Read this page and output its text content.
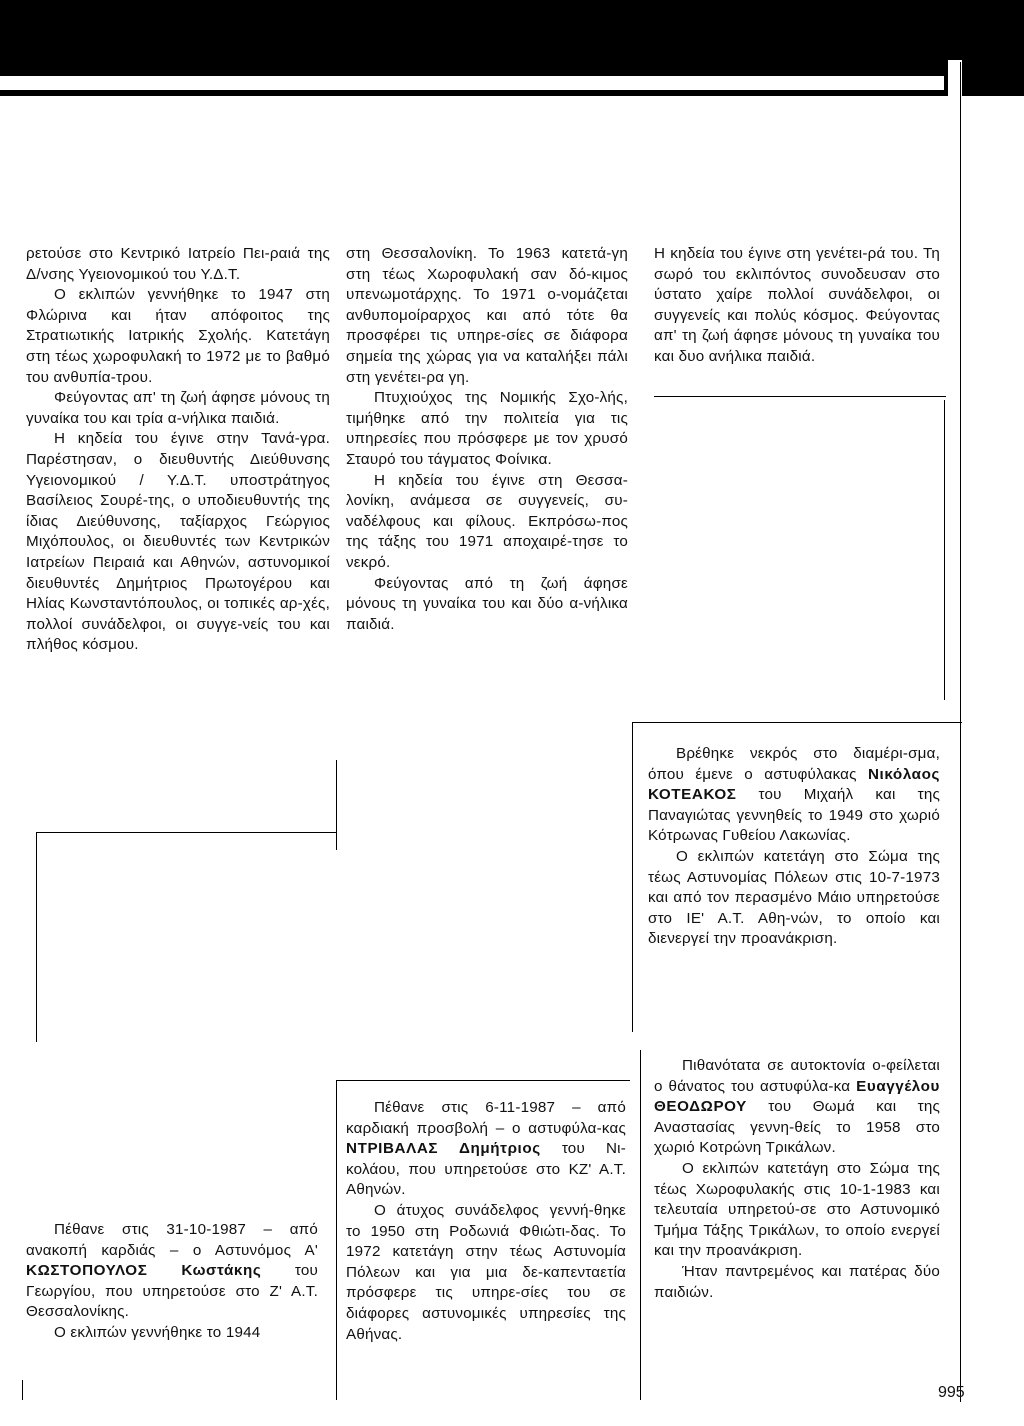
ρετούσε στο Κεντρικό Ιατρείο Πει-ραιά της Δ/νσης Υγειονομικού του Υ.Δ.Τ.

Ο εκλιπών γεννήθηκε το 1947 στη Φλώρινα και ήταν απόφοιτος της Στρατιωτικής Ιατρικής Σχολής. Κατετάγη στη τέως χωροφυλακή το 1972 με το βαθμό του ανθυπία-τρου.

Φεύγοντας απ' τη ζωή άφησε μόνους τη γυναίκα του και τρία α-νήλικα παιδιά.

Η κηδεία του έγινε στην Τανά-γρα. Παρέστησαν, ο διευθυντής Διεύθυνσης Υγειονομικού / Υ.Δ.Τ. υποστράτηγος Βασίλειος Σουρέ-της, ο υποδιευθυντής της ίδιας Διεύθυνσης, ταξίαρχος Γεώργιος Μιχόπουλος, οι διευθυντές των Κεντρικών Ιατρείων Πειραιά και Αθηνών, αστυνομικοί διευθυντές Δημήτριος Πρωτογέρου και Ηλίας Κωνσταντόπουλος, οι τοπικές αρ-χές, πολλοί συνάδελφοι, οι συγγε-νείς του και πλήθος κόσμου.

στη Θεσσαλονίκη. Το 1963 κατετά-γη στη τέως Χωροφυλακή σαν δό-κιμος υπενωμοτάρχης. Το 1971 ο-νομάζεται ανθυπομοίραρχος και από τότε θα προσφέρει τις υπηρε-σίες σε διάφορα σημεία της χώρας για να καταλήξει πάλι στη γενέτει-ρα γη.

Πτυχιούχος της Νομικής Σχο-λής, τιμήθηκε από την πολιτεία για τις υπηρεσίες που πρόσφερε με τον χρυσό Σταυρό του τάγματος Φοίνικα.

Η κηδεία του έγινε στη Θεσσα-λονίκη, ανάμεσα σε συγγενείς, συ-ναδέλφους και φίλους. Εκπρόσω-πος της τάξης του 1971 αποχαιρέ-τησε το νεκρό.

Φεύγοντας από τη ζωή άφησε μόνους τη γυναίκα του και δύο α-νήλικα παιδιά.

Η κηδεία του έγινε στη γενέτει-ρά του. Τη σωρό του εκλιπόντος συνοδευσαν στο ύστατο χαίρε πολλοί συνάδελφοι, οι συγγενείς και πολύς κόσμος. Φεύγοντας απ' τη ζωή άφησε μόνους τη γυναίκα του και δυο ανήλικα παιδιά.

Βρέθηκε νεκρός στο διαμέρι-σμα, όπου έμενε ο αστυφύλακας Νικόλαος ΚΟΤΕΑΚΟΣ του Μιχαήλ και της Παναγιώτας γεννηθείς το 1949 στο χωριό Κότρωνας Γυθείου Λακωνίας.

Ο εκλιπών κατετάγη στο Σώμα της τέως Αστυνομίας Πόλεων στις 10-7-1973 και από τον περασμένο Μάιο υπηρετούσε στο ΙΕ' Α.Τ. Αθη-νών, το οποίο και διενεργεί την προανάκριση.

Πέθανε στις 31-10-1987 – από ανακοπή καρδιάς – ο Αστυνόμος Α' ΚΩΣΤΟΠΟΥΛΟΣ Κωστάκης του Γεωργίου, που υπηρετούσε στο Ζ' Α.Τ. Θεσσαλονίκης.

Ο εκλιπών γεννήθηκε το 1944

Πέθανε στις 6-11-1987 – από καρδιακή προσβολή – ο αστυφύλα-κας ΝΤΡΙΒΑΛΑΣ Δημήτριος του Νι-κολάου, που υπηρετούσε στο ΚΖ' Α.Τ. Αθηνών.

Ο άτυχος συνάδελφος γεννή-θηκε το 1950 στη Ροδωνιά Φθιώτι-δας. Το 1972 κατετάγη στην τέως Αστυνομία Πόλεων και για μια δε-καπενταετία πρόσφερε τις υπηρε-σίες του σε διάφορες αστυνομικές υπηρεσίες της Αθήνας.

Πιθανότατα σε αυτοκτονία ο-φείλεται ο θάνατος του αστυφύλα-κα Ευαγγέλου ΘΕΟΔΩΡΟΥ του Θωμά και της Αναστασίας γεννη-θείς το 1958 στο χωριό Κοτρώνη Τρικάλων.

Ο εκλιπών κατετάγη στο Σώμα της τέως Χωροφυλακής στις 10-1-1983 και τελευταία υπηρετού-σε στο Αστυνομικό Τμήμα Τάξης Τρικάλων, το οποίο ενεργεί και την προανάκριση.

Ήταν παντρεμένος και πατέρας δύο παιδιών.

995
